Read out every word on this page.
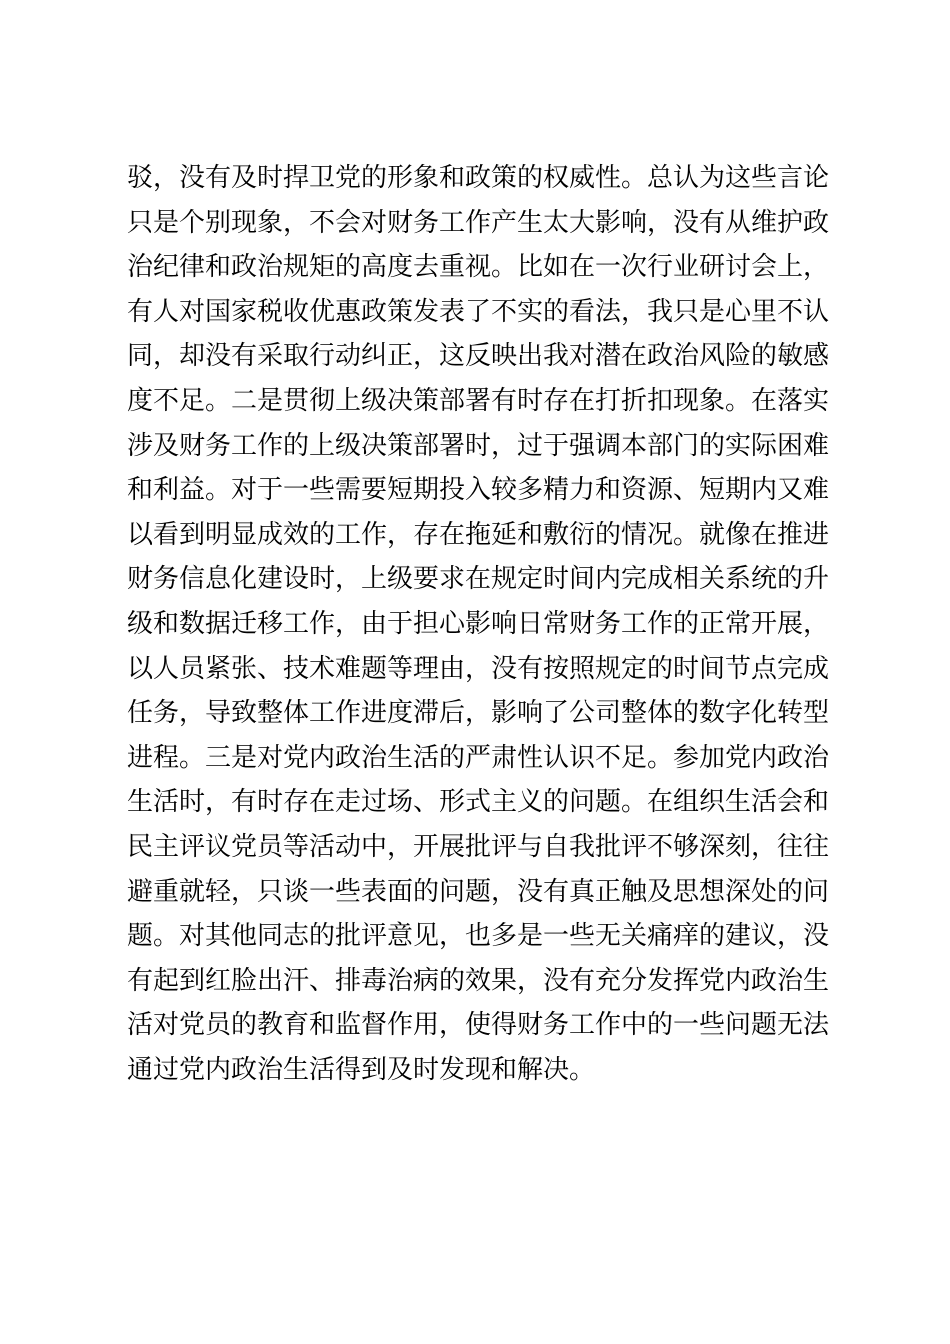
驳，没有及时捍卫党的形象和政策的权威性。总认为这些言论
只是个别现象，不会对财务工作产生太大影响，没有从维护政
治纪律和政治规矩的高度去重视。比如在一次行业研讨会上，
有人对国家税收优惠政策发表了不实的看法，我只是心里不认
同，却没有采取行动纠正，这反映出我对潜在政治风险的敏感
度不足。二是贯彻上级决策部署有时存在打折扣现象。在落实
涉及财务工作的上级决策部署时，过于强调本部门的实际困难
和利益。对于一些需要短期投入较多精力和资源、短期内又难
以看到明显成效的工作，存在拖延和敷衍的情况。就像在推进
财务信息化建设时，上级要求在规定时间内完成相关系统的升
级和数据迁移工作，由于担心影响日常财务工作的正常开展，
以人员紧张、技术难题等理由，没有按照规定的时间节点完成
任务，导致整体工作进度滞后，影响了公司整体的数字化转型
进程。三是对党内政治生活的严肃性认识不足。参加党内政治
生活时，有时存在走过场、形式主义的问题。在组织生活会和
民主评议党员等活动中，开展批评与自我批评不够深刻，往往
避重就轻，只谈一些表面的问题，没有真正触及思想深处的问
题。对其他同志的批评意见，也多是一些无关痛痒的建议，没
有起到红脸出汗、排毒治病的效果，没有充分发挥党内政治生
活对党员的教育和监督作用，使得财务工作中的一些问题无法
通过党内政治生活得到及时发现和解决。
